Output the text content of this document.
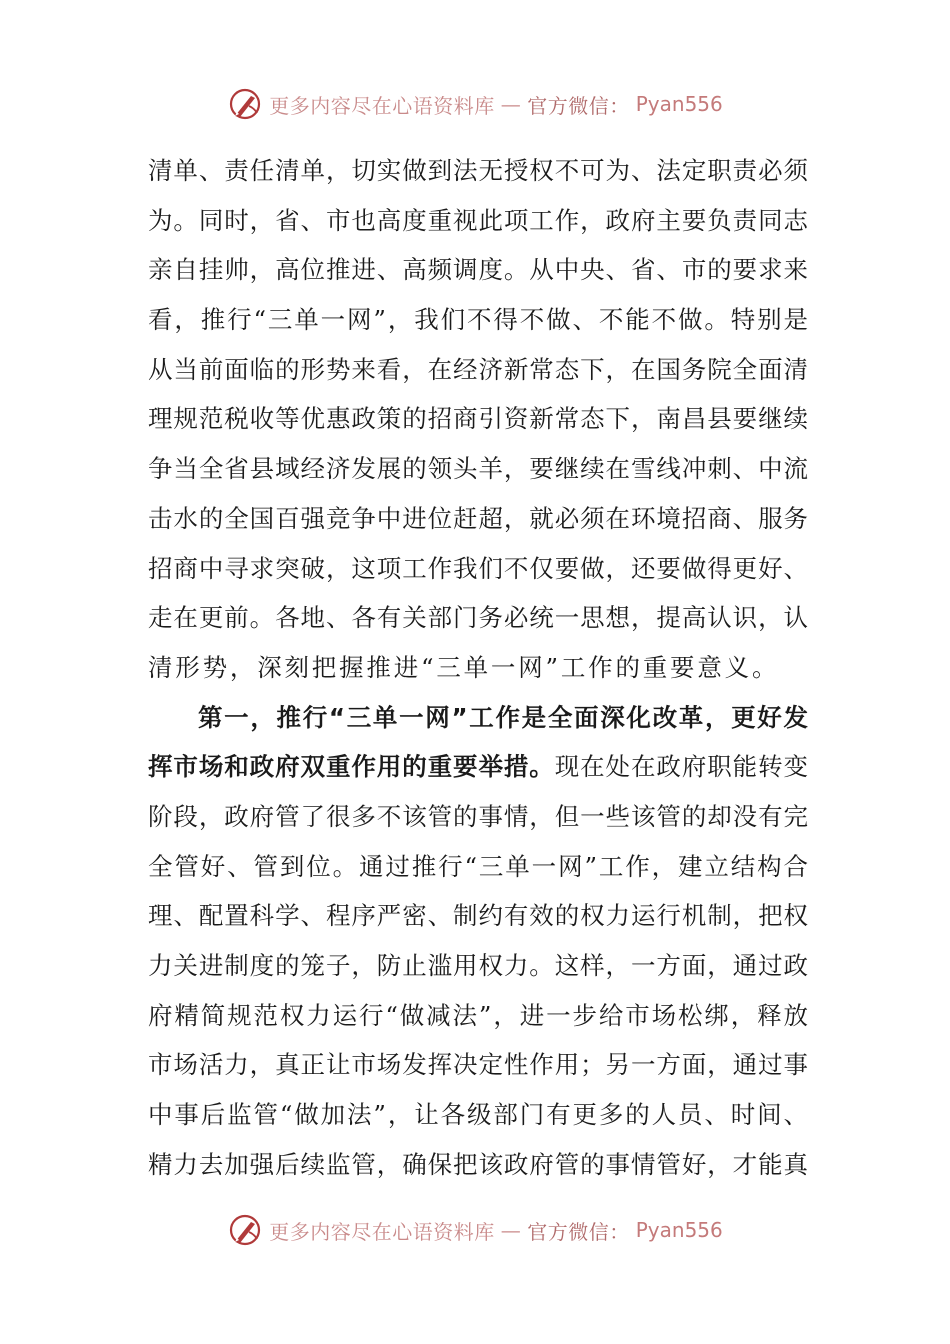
更多内容尽在心语资料库 — 官方微信： Pyan556
清单、责任清单，切实做到法无授权不可为、法定职责必须
为。同时，省、市也高度重视此项工作，政府主要负责同志
亲自挂帅，高位推进、高频调度。从中央、省、市的要求来
看，推行“三单一网”，我们不得不做、不能不做。特别是
从当前面临的形势来看，在经济新常态下，在国务院全面清
理规范税收等优惠政策的招商引资新常态下，南昌县要继续
争当全省县域经济发展的领头羊，要继续在雪线冲刺、中流
击水的全国百强竞争中进位赶超，就必须在环境招商、服务
招商中寻求突破，这项工作我们不仅要做，还要做得更好、
走在更前。各地、各有关部门务必统一思想，提高认识，认
清形势，深刻把握推进“三单一网”工作的重要意义。
第一，推行“三单一网”工作是全面深化改革，更好发
挥市场和政府双重作用的重要举措。现在处在政府职能转变
阶段，政府管了很多不该管的事情，但一些该管的却没有完
全管好、管到位。通过推行“三单一网”工作，建立结构合
理、配置科学、程序严密、制约有效的权力运行机制，把权
力关进制度的笼子，防止滥用权力。这样，一方面，通过政
府精简规范权力运行“做减法”，进一步给市场松绑，释放
市场活力，真正让市场发挥决定性作用；另一方面，通过事
中事后监管“做加法”，让各级部门有更多的人员、时间、
精力去加强后续监管，确保把该政府管的事情管好，才能真
更多内容尽在心语资料库 — 官方微信： Pyan556
